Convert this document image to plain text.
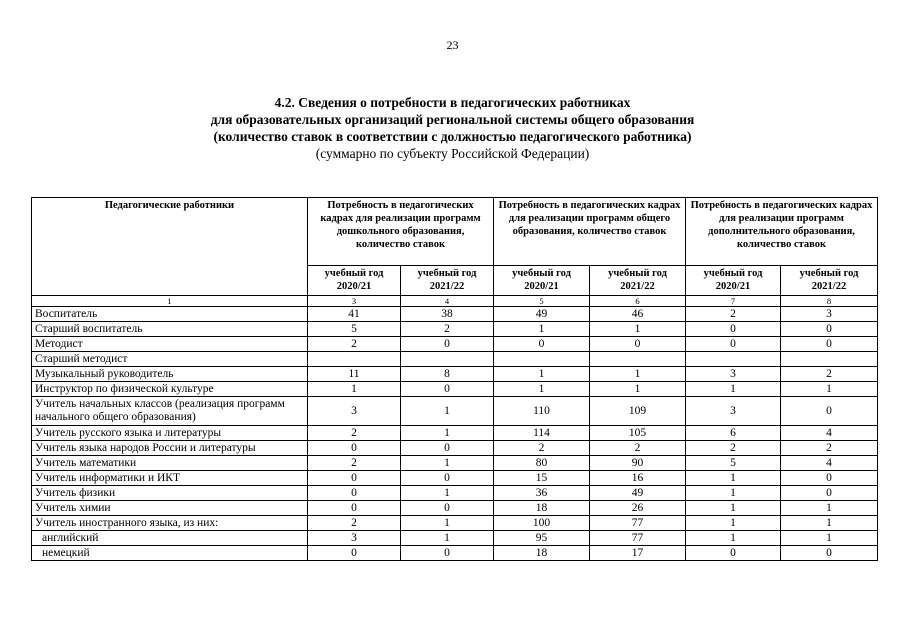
23
4.2. Сведения о потребности в педагогических работниках
для образовательных организаций региональной системы общего образования
(количество ставок в соответствии с должностью педагогического работника)
(суммарно по субъекту Российской Федерации)
Педагогические работники	Потребность в педагогических кадрах для реализации программ дошкольного образования, количество ставок		Потребность в педагогических кадрах для реализации программ общего образования, количество ставок		Потребность в педагогических кадрах для реализации программ дополнительного образования, количество ставок	
	учебный год 2020/21	учебный год 2021/22	учебный год 2020/21	учебный год 2021/22	учебный год 2020/21	учебный год 2021/22
1	3	4	5	6	7	8
Воспитатель	41	38	49	46	2	3
Старший воспитатель	5	2	1	1	0	0
Методист	2	0	0	0	0	0
Старший методист						
Музыкальный руководитель	11	8	1	1	3	2
Инструктор по физической культуре	1	0	1	1	1	1
Учитель начальных классов (реализация программ начального общего образования)	3	1	110	109	3	0
Учитель русского языка и литературы	2	1	114	105	6	4
Учитель языка народов России и литературы	0	0	2	2	2	2
Учитель математики	2	1	80	90	5	4
Учитель информатики и ИКТ	0	0	15	16	1	0
Учитель физики	0	1	36	49	1	0
Учитель химии	0	0	18	26	1	1
Учитель иностранного языка, из них:	2	1	100	77	1	1
английский	3	1	95	77	1	1
немецкий	0	0	18	17	0	0
